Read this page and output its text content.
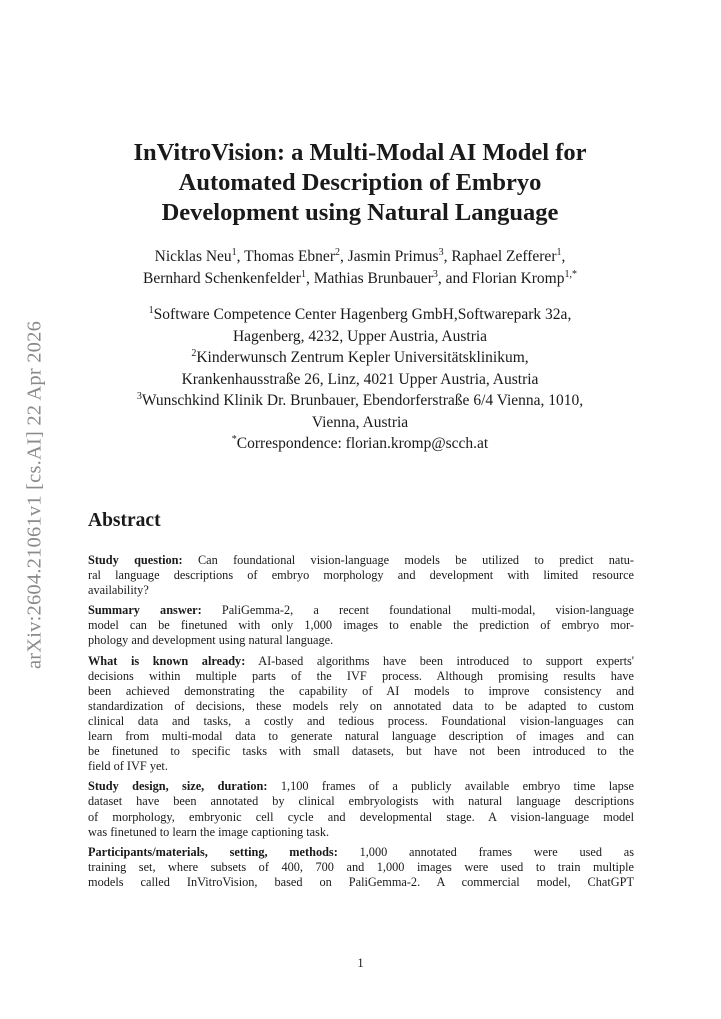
arXiv:2604.21061v1 [cs.AI] 22 Apr 2026
InVitroVision: a Multi-Modal AI Model for
Automated Description of Embryo
Development using Natural Language
Nicklas Neu$^1$, Thomas Ebner$^2$, Jasmin Primus$^3$, Raphael Zefferer$^1$,
Bernhard Schenkenfelder$^1$, Mathias Brunbauer$^3$, and Florian Kromp$^{1,*}$
$^1$Software Competence Center Hagenberg GmbH,Softwarepark 32a,
Hagenberg, 4232, Upper Austria, Austria
$^2$Kinderwunsch Zentrum Kepler Universitätsklinikum,
Krankenhausstraße 26, Linz, 4021 Upper Austria, Austria
$^3$Wunschkind Klinik Dr. Brunbauer, Ebendorferstraße 6/4 Vienna, 1010,
Vienna, Austria
*Correspondence: florian.kromp@scch.at
Abstract
Study question: Can foundational vision-language models be utilized to predict natu-
ral language descriptions of embryo morphology and development with limited resource
availability?
Summary answer: PaliGemma-2, a recent foundational multi-modal, vision-language
model can be finetuned with only 1,000 images to enable the prediction of embryo mor-
phology and development using natural language.
What is known already: AI-based algorithms have been introduced to support experts'
decisions within multiple parts of the IVF process. Although promising results have
been achieved demonstrating the capability of AI models to improve consistency and
standardization of decisions, these models rely on annotated data to be adapted to custom
clinical data and tasks, a costly and tedious process. Foundational vision-languages can
learn from multi-modal data to generate natural language description of images and can
be finetuned to specific tasks with small datasets, but have not been introduced to the
field of IVF yet.
Study design, size, duration: 1,100 frames of a publicly available embryo time lapse
dataset have been annotated by clinical embryologists with natural language descriptions
of morphology, embryonic cell cycle and developmental stage. A vision-language model
was finetuned to learn the image captioning task.
Participants/materials, setting, methods: 1,000 annotated frames were used as
training set, where subsets of 400, 700 and 1,000 images were used to train multiple
models called InVitroVision, based on PaliGemma-2. A commercial model, ChatGPT
1
